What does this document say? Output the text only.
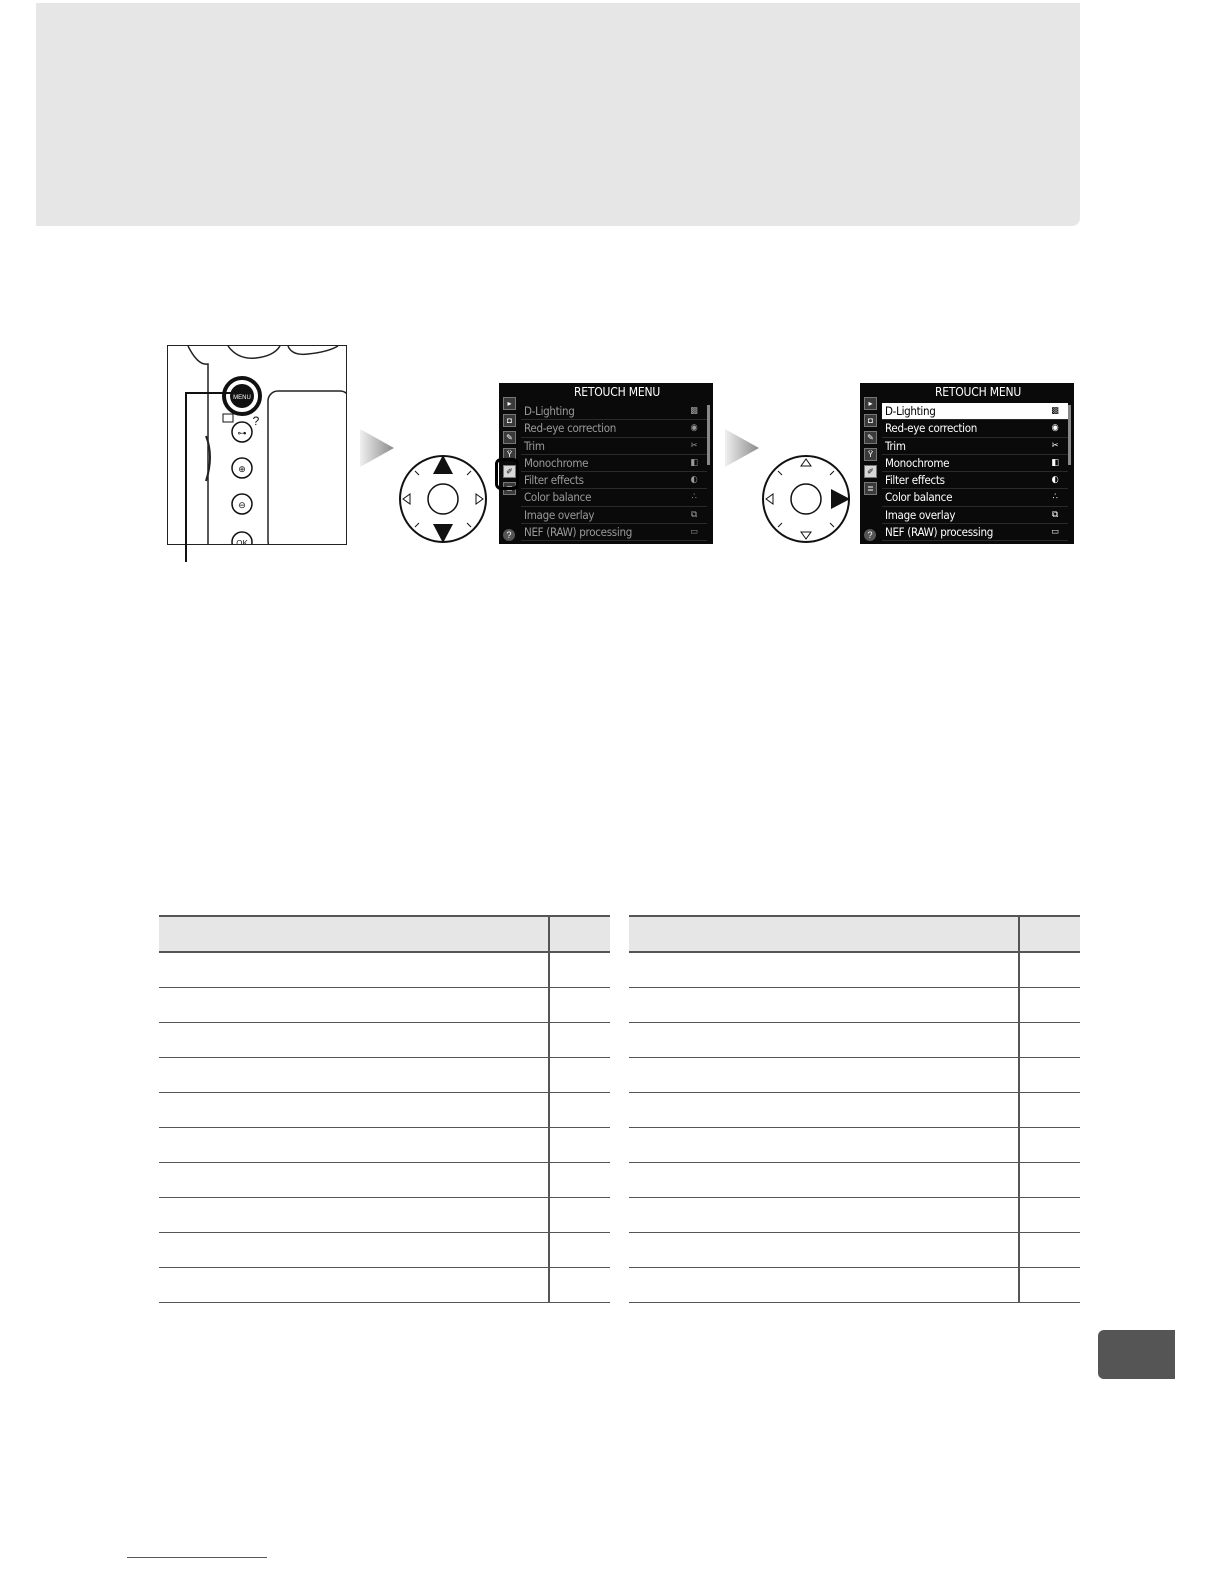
MENU
?
⊶
⊕
⊖
OK
RETOUCH MENU
▸
◘
✎
Ÿ
✐
≣
D-Lighting	▩
Red-eye correction	◉
Trim	✂
Monochrome	◧
Filter effects	◐
Color balance	∴
Image overlay	⧉
NEF (RAW) processing	▭
?
RETOUCH MENU
▸
◘
✎
Ÿ
✐
≣
D-Lighting	▩
Red-eye correction	◉
Trim	✂
Monochrome	◧
Filter effects	◐
Color balance	∴
Image overlay	⧉
NEF (RAW) processing	▭
?
